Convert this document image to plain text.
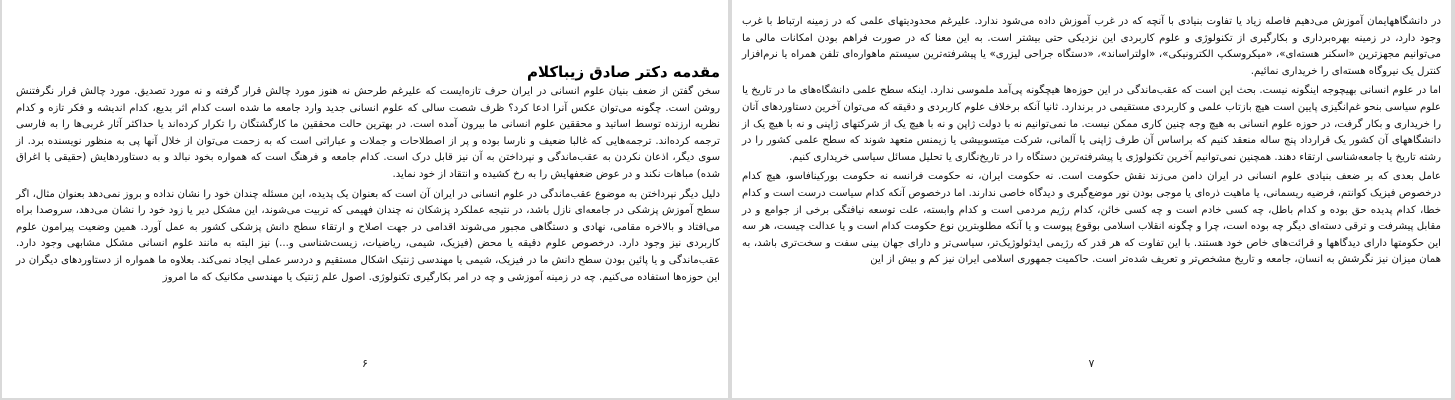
مقدمه دکتر صادق زیباکلام

سخن گفتن از ضعف بنیان علوم انسانی در ایران حرف تازه‌ایست که علیرغم طرحش نه هنوز مورد چالش قرار گرفته و نه مورد تصدیق. مورد چالش قرار نگرفتنش روشن است. چگونه می‌توان عکس آنرا ادعا کرد؟ ظرف شصت سالی که علوم انسانی جدید وارد جامعه ما شده است کدام اثر بدیع، کدام اندیشه و فکر تازه و کدام نظریه ارزنده توسط اساتید و محققین علوم انسانی ما بیرون آمده است. در بهترین حالت محققین ما کارگشتگان را تکرار کرده‌اند یا حداکثر آثار غربی‌ها را به فارسی ترجمه کرده‌اند. ترجمه‌هایی که غالبا ضعیف و نارسا بوده و پر از اصطلاحات و جملات و عباراتی است که به زحمت می‌توان از خلال آنها پی به منظور نویسنده برد. از سوی دیگر، اذعان نکردن به عقب‌ماندگی و نپرداختن به آن نیز قابل درک است. کدام جامعه و فرهنگ است که همواره بخود نبالد و به دستاوردهایش (حقیقی یا اغراق شده) مباهات نکند و در عوض ضعفهایش را به رخ کشیده و انتقاد از خود نماید.

دلیل دیگر نپرداختن به موضوع عقب‌ماندگی در علوم انسانی در ایران آن است که بعنوان یک پدیده، این مسئله چندان خود را نشان نداده و بروز نمی‌دهد بعنوان مثال، اگر سطح آموزش پزشکی در جامعه‌ای نازل باشد، در نتیجه عملکرد پزشکان نه چندان فهیمی که تربیت می‌شوند، این مشکل دیر یا زود خود را نشان می‌دهد، سروصدا براه می‌افتاد و بالاخره مقامی، نهادی و دستگاهی مجبور می‌شوند اقدامی در جهت اصلاح و ارتقاء سطح دانش پزشکی کشور به عمل آورد. همین وضعیت پیرامون علوم کاربردی نیز وجود دارد. درخصوص علوم دقیقه یا محض (فیزیک، شیمی، ریاضیات، زیست‌شناسی و...) نیز البته به مانند علوم انسانی مشکل مشابهی وجود دارد. عقب‌ماندگی و یا پائین بودن سطح دانش ما در فیزیک، شیمی یا مهندسی ژنتیک اشکال مستقیم و دردسر عملی ایجاد نمی‌کند. بعلاوه ما همواره از دستاوردهای دیگران در این حوزه‌ها استفاده می‌کنیم. چه در زمینه آموزشی و چه در امر بکارگیری تکنولوژی. اصول علم ژنتیک یا مهندسی مکانیک که ما امروز

۶

در دانشگاههایمان آموزش می‌دهیم فاصله زیاد یا تفاوت بنیادی با آنچه که در غرب آموزش داده می‌شود ندارد. علیرغم محدودیتهای علمی که در زمینه ارتباط با غرب وجود دارد، در زمینه بهره‌برداری و بکارگیری از تکنولوژی و علوم کاربردی این نزدیکی حتی بیشتر است. به این معنا که در صورت فراهم بودن امکانات مالی ما می‌توانیم مجهزترین «اسکنر هسته‌ای»، «میکروسکپ الکترونیکی»، «اولتراساند»، «دستگاه جراحی لیزری» یا پیشرفته‌ترین سیستم ماهواره‌ای تلفن همراه یا نرم‌افزار کنترل یک نیروگاه هسته‌ای را خریداری نمائیم.

اما در علوم انسانی بهیچوجه اینگونه نیست. بحث این است که عقب‌ماندگی در این حوزه‌ها هیچگونه پی‌آمد ملموسی ندارد. اینکه سطح علمی دانشگاه‌های ما در تاریخ یا علوم سیاسی بنحو غم‌انگیزی پایین است هیچ بازتاب علمی و کاربردی مستقیمی در برندارد. ثانیا آنکه برخلاف علوم کاربردی و دقیقه که می‌توان آخرین دستاوردهای آنان را خریداری و بکار گرفت، در حوزه علوم انسانی به هیچ وجه چنین کاری ممکن نیست. ما نمی‌توانیم نه با دولت ژاپن و نه با هیچ یک از شرکتهای ژاپنی و نه با هیچ یک از دانشگاههای آن کشور یک قرارداد پنج ساله منعقد کنیم که براساس آن طرف ژاپنی یا آلمانی، شرکت میتسوبیشی یا زیمنس متعهد شوند که سطح علمی کشور را در رشته تاریخ یا جامعه‌شناسی ارتقاء دهند. همچنین نمی‌توانیم آخرین تکنولوژی یا پیشرفته‌ترین دستگاه را در تاریخ‌نگاری یا تحلیل مسائل سیاسی خریداری کنیم.

عامل بعدی که بر ضعف بنیادی علوم انسانی در ایران دامن می‌زند نقش حکومت است. نه حکومت ایران، نه حکومت فرانسه نه حکومت بورکینافاسو، هیچ کدام درخصوص فیزیک کوانتم، فرضیه ریسمانی، یا ماهیت ذره‌ای یا موجی بودن نور موضع‌گیری و دیدگاه خاصی ندارند. اما درخصوص آنکه کدام سیاست درست است و کدام خطا، کدام پدیده حق بوده و کدام باطل، چه کسی خادم است و چه کسی خائن، کدام رژیم مردمی است و کدام وابسته، علت توسعه نیافتگی برخی از جوامع و در مقابل پیشرفت و ترقی دسته‌ای دیگر چه بوده است، چرا و چگونه انقلاب اسلامی بوقوع پیوست و یا آنکه مطلوبترین نوع حکومت کدام است و یا عدالت چیست، هر سه این حکومتها دارای دیدگاهها و قرائت‌های خاص خود هستند. با این تفاوت که هر قدر که رژیمی ایدئولوژیک‌تر، سیاسی‌تر و دارای جهان بینی سفت و سخت‌تری باشد، به همان میزان نیز نگرشش به انسان، جامعه و تاریخ مشخص‌تر و تعریف شده‌تر است. حاکمیت جمهوری اسلامی ایران نیز کم و بیش از این

۷
